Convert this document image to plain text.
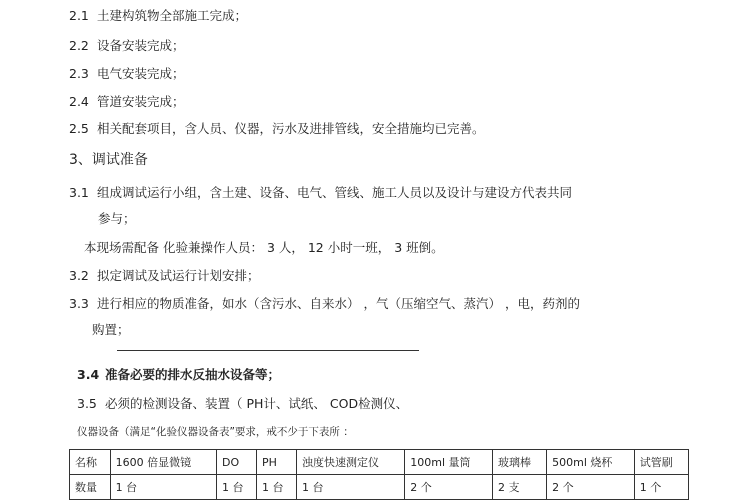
2.1 土建构筑物全部施工完成；
2.2 设备安装完成；
2.3 电气安装完成；
2.4 管道安装完成；
2.5 相关配套项目，含人员、仪器，污水及进排管线，安全措施均已完善。
3、调试准备
3.1 组成调试运行小组，含土建、设备、电气、管线、施工人员以及设计与建设方代表共同
参与；
本现场需配备 化验兼操作人员： 3 人， 12 小时一班， 3 班倒。
3.2 拟定调试及试运行计划安排；
3.3 进行相应的物质准备，如水（含污水、自来水） ，气（压缩空气、蒸汽） ，电，药剂的
购置；
3.4 准备必要的排水反抽水设备等；
3.5 必须的检测设备、装置（ PH计、试纸、 COD检测仪、
仪器设备（满足“化验仪器设备表”要求，戒不少于下表所 ：
名称	1600 倍显微镜	DO	PH	浊度快速测定仪	100ml 量筒	玻璃棒	500ml 烧杯	试管刷
数量	1 台	1 台	1 台	1 台	2 个	2 支	2 个	1 个
